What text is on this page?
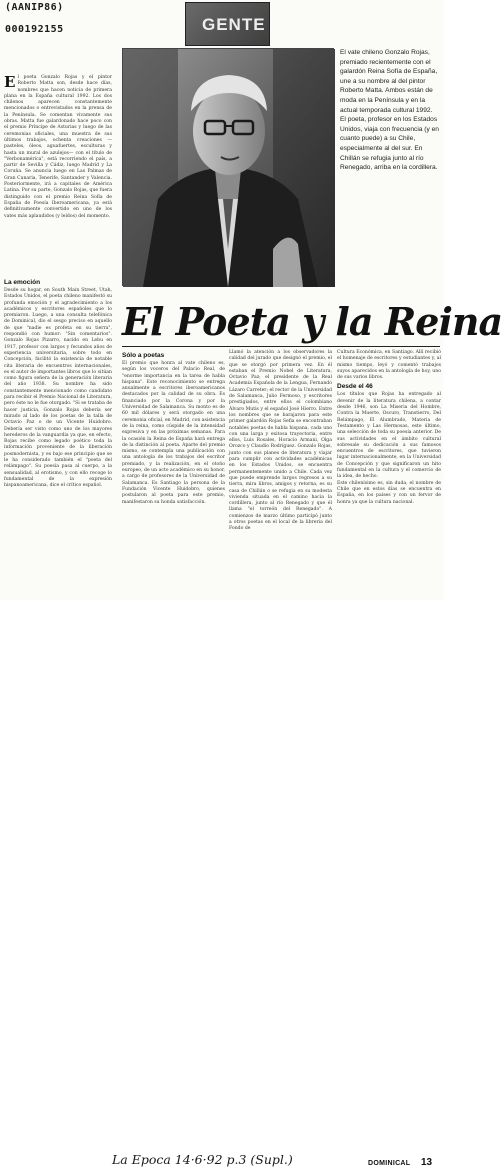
(AANIP86)
000192155	GENTE
E l poeta Gonzalo Rojas y el pintor Roberto Matta son, desde hace días, nombres que hacen noticia de primera plana en la España cultural 1992. Los dos chilenos aparecen constantemente mencionados o entrevistados en la prensa de la Península. Se comentan vivamente sus obras. Matta fue galardonado hace poco con el premio Príncipe de Asturias y luego de las ceremonias oficiales, una muestra de sus últimos trabajos, ochenta creaciones —pasteles, óleos, aguafuertes, esculturas y hasta un mural de azulejos— con el título de "Verbonamérica", está recorriendo el país, a partir de Sevilla y Cádiz, luego Madrid y La Coruña. Se anuncia luego en Las Palmas de Gran Canaria, Tenerife, Santander y Valencia. Posteriormente, irá a capitales de América Latina. Por su parte, Gonzalo Rojas, que fuera distinguido con el premio Reina Sofía de España de Poesía Iberoamericana, ya está definitivamente convertido en uno de los vates más aplaudidos (y leídos) del momento.

La emoción

Desde su hogar, en South Main Street, Utah, Estados Unidos, el poeta chileno manifestó su profunda emoción y el agradecimiento a los académicos y escritores españoles que lo premiaron. Luego, a una consulta telefónica de Dominical, dio el sesgo preciso en aquello de que "nadie es profeta en su tierra", respondió con humor: "Sin comentarios". Gonzalo Rojas Pizarro, nacido en Lebu en 1917, profesor con largos y fecundos años de experiencia universitaria, sobre todo en Concepción, facilitó la existencia de notable cita literaria de encuentros internacionales, es el autor de importantes libros que lo sitúan como figura señera de la generación literaria del año 1938. Su nombre ha sido constantemente mencionado como candidato para recibir el Premio Nacional de Literatura, pero éste no le fue otorgado. "Si se trataba de hacer justicia, Gonzalo Rojas debería ser mirado al lado de los poetas de la talla de Octavio Paz o de un Vicente Huidobro. Debería ser visto como uno de los mayores herederos de la vanguardia ya que, en efecto, Rojas recibe como legado poético toda la información proveniente de la liberación posmodernista, y es bajo ese principio que se le ha considerado también el "poeta del relámpago". Su poesía pasa al cuerpo, a la sensualidad, al erotismo, y con ello recoge lo fundamental de la expresión hispanoamericana, dice el crítico español.

El vate chileno Gonzalo Rojas, premiado recientemente con el galardón Reina Sofía de España, une a su nombre al del pintor Roberto Matta. Ambos están de moda en la Península y en la actual temporada cultural 1992. El poeta, profesor en los Estados Unidos, viaja con frecuencia (y en cuanto puede) a su Chile, especialmente al del sur. En Chillán se refugia junto al río Renegado, arriba en la cordillera.
El Poeta y la Reina
Sólo a poetas

El premio que honra al vate chileno es, según los voceros del Palacio Real, de "enorme importancia en la tarea de habla hispana". Este reconocimiento se entrega anualmente a escritores iberoamericanos destacados por la calidad de su obra. Es financiado por la Corona y por la Universidad de Salamanca. Su monto es de 60 mil dólares y será otorgado en una ceremonia oficial, en Madrid, con asistencia de la reina, como cúspide de la intensidad expresiva y en las próximas semanas. Para la ocasión la Reina de España hará entrega de la distinción al poeta. Aparte del premio mismo, se contempla una publicación con una antología de los trabajos del escritor premiado, y la realización, en el otoño europeo, de un acto académico en su honor, a cargo de profesores de la Universidad de Salamanca. Es Santiago la persona de la Fundación Vicente Huidobro, quienes postularon al poeta para este premio, manifestaron su honda satisfacción.

Llamó la atención a los observadores la calidad del jurado que designó el premio, el que se otorgó por primera vez. En él estaban el Premio Nobel de Literatura, Octavio Paz; el presidente de la Real Academia Española de la Lengua, Fernando Lázaro Carreter; el rector de la Universidad de Salamanca, Julio Fermoso, y escritores prestigiados, entre ellos el colombiano Álvaro Mutis y el español José Hierro. Entre los nombres que se barajaron para este primer galardón Rojas Sefia se encontraban notables poetas de habla hispana, cada uno con una larga y exitosa trayectoria, entre ellos, Luis Rosales, Horacio Armani, Olga Orozco y Claudio Rodríguez. Gonzalo Rojas, junto con sus planes de literatura y viajar para cumplir con actividades académicas en los Estados Unidos, se encuentra permanentemente unido a Chile. Cada vez que puede emprende largos regresos a su tierra, mira libros, amigos y retorna, es su casa de Chillán o se refugia en su modesta vivienda situada en el camino hacia la cordillera, junto al río Renegado y que él llama "el torreón del Renegado". A comienzos de marzo último participó junto a otros poetas en el local de la librería del Fondo de

Cultura Económica, en Santiago. Allí recibió el homenaje de escritores y estudiantes y, al mismo tiempo, leyó y comentó trabajos suyos aparecidos en la antología de hoy, uno de sus varios libros.

Desde el 46

Los títulos que Rojas ha entregado al devenir de la literatura chilena, a contar desde 1946, son La Miseria del Hombre, Contra la Muerte, Oscuro, Transtierro, Del Relámpago, El Alumbrado, Materia de Testamento y Las Hermosas, este último, una selección de toda su poesía anterior. De sus actividades en el ámbito cultural sobresale su dedicación a sus famosos encuentros de escritores, que tuvieron lugar internacionalmente, en la Universidad de Concepción y que significaron un hito fundamental en la cultura y el comercio de la idea, de hecho.

Este chilenísimo es, sin duda, el nombre de Chile que en estos días se encuentra en España, en los países y con un fervor de honra ya que la cultura nacional.

La Epoca 14·6·92 p.3 (Supl.)	DOMINICAL 13
